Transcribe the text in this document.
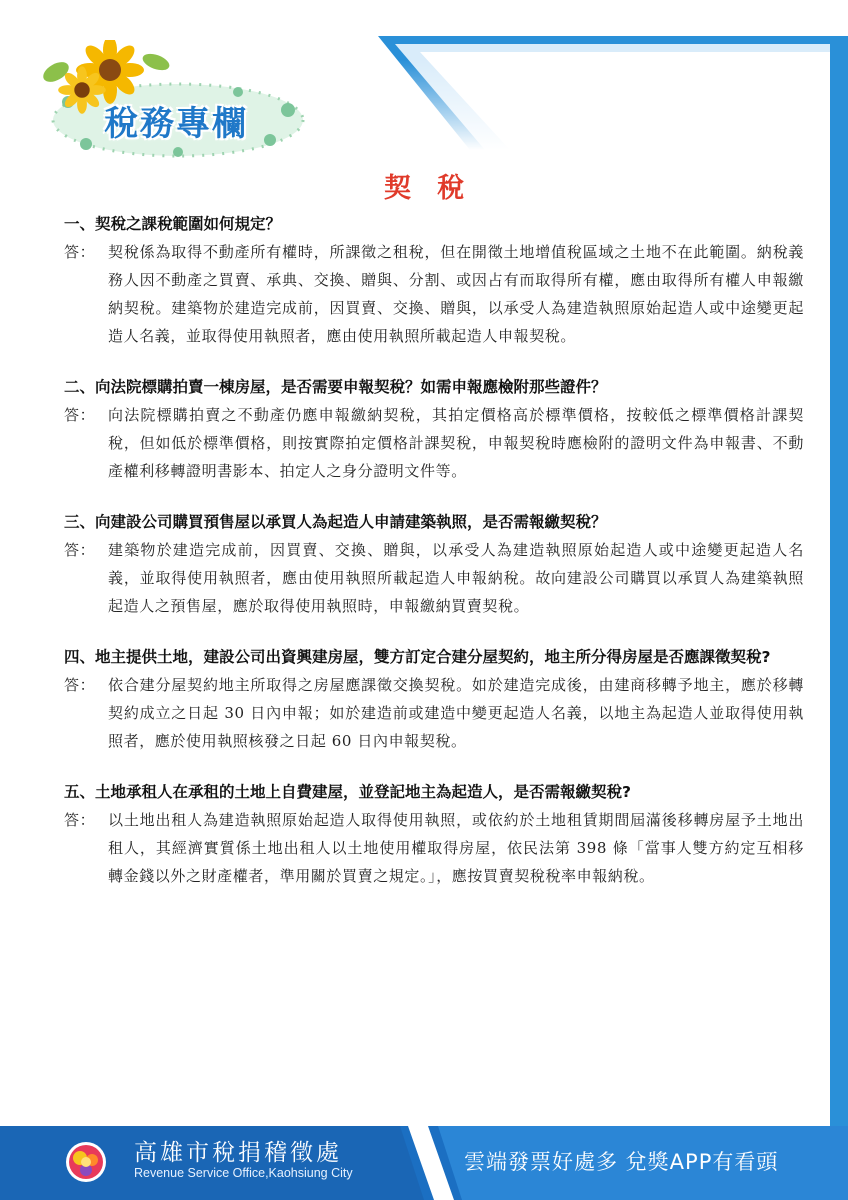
稅務專欄
契稅
一、契稅之課稅範圍如何規定？
答： 契稅係為取得不動產所有權時，所課徵之租稅，但在開徵土地增值稅區域之土地不在此範圍。納稅義務人因不動產之買賣、承典、交換、贈與、分割、或因占有而取得所有權，應由取得所有權人申報繳納契稅。建築物於建造完成前，因買賣、交換、贈與，以承受人為建造執照原始起造人或中途變更起造人名義，並取得使用執照者，應由使用執照所載起造人申報契稅。
二、向法院標購拍賣一棟房屋，是否需要申報契稅？如需申報應檢附那些證件？
答： 向法院標購拍賣之不動產仍應申報繳納契稅，其拍定價格高於標準價格，按較低之標準價格計課契稅，但如低於標準價格，則按實際拍定價格計課契稅，申報契稅時應檢附的證明文件為申報書、不動產權利移轉證明書影本、拍定人之身分證明文件等。
三、向建設公司購買預售屋以承買人為起造人申請建築執照，是否需報繳契稅？
答： 建築物於建造完成前，因買賣、交換、贈與，以承受人為建造執照原始起造人或中途變更起造人名義，並取得使用執照者，應由使用執照所載起造人申報納稅。故向建設公司購買以承買人為建築執照起造人之預售屋，應於取得使用執照時，申報繳納買賣契稅。
四、地主提供土地，建設公司出資興建房屋，雙方訂定合建分屋契約，地主所分得房屋是否應課徵契稅?
答： 依合建分屋契約地主所取得之房屋應課徵交換契稅。如於建造完成後，由建商移轉予地主，應於移轉契約成立之日起 30 日內申報；如於建造前或建造中變更起造人名義，以地主為起造人並取得使用執照者，應於使用執照核發之日起 60 日內申報契稅。
五、土地承租人在承租的土地上自費建屋，並登記地主為起造人，是否需報繳契稅?
答： 以土地出租人為建造執照原始起造人取得使用執照，或依約於土地租賃期間屆滿後移轉房屋予土地出租人，其經濟實質係土地出租人以土地使用權取得房屋，依民法第 398 條「當事人雙方約定互相移轉金錢以外之財產權者，準用關於買賣之規定。」，應按買賣契稅稅率申報納稅。
高雄市稅捐稽徵處
Revenue Service Office,Kaohsiung City	雲端發票好處多 兌獎APP有看頭
